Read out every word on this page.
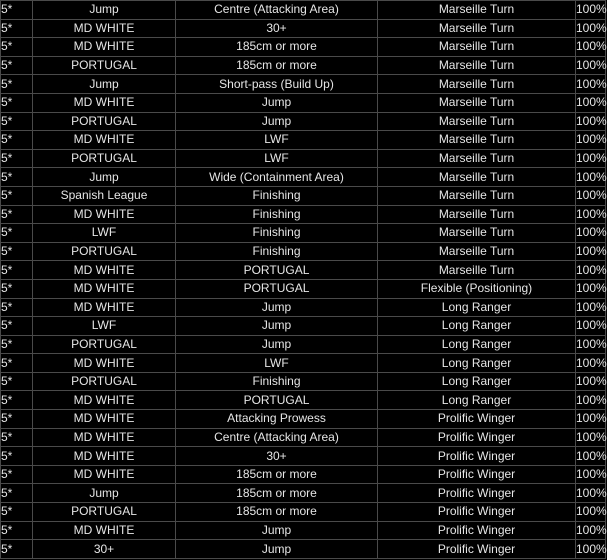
5*	Jump	Centre (Attacking Area)	Marseille Turn	100%
5*	MD WHITE	30+	Marseille Turn	100%
5*	MD WHITE	185cm or more	Marseille Turn	100%
5*	PORTUGAL	185cm or more	Marseille Turn	100%
5*	Jump	Short-pass (Build Up)	Marseille Turn	100%
5*	MD WHITE	Jump	Marseille Turn	100%
5*	PORTUGAL	Jump	Marseille Turn	100%
5*	MD WHITE	LWF	Marseille Turn	100%
5*	PORTUGAL	LWF	Marseille Turn	100%
5*	Jump	Wide (Containment Area)	Marseille Turn	100%
5*	Spanish League	Finishing	Marseille Turn	100%
5*	MD WHITE	Finishing	Marseille Turn	100%
5*	LWF	Finishing	Marseille Turn	100%
5*	PORTUGAL	Finishing	Marseille Turn	100%
5*	MD WHITE	PORTUGAL	Marseille Turn	100%
5*	MD WHITE	PORTUGAL	Flexible (Positioning)	100%
5*	MD WHITE	Jump	Long Ranger	100%
5*	LWF	Jump	Long Ranger	100%
5*	PORTUGAL	Jump	Long Ranger	100%
5*	MD WHITE	LWF	Long Ranger	100%
5*	PORTUGAL	Finishing	Long Ranger	100%
5*	MD WHITE	PORTUGAL	Long Ranger	100%
5*	MD WHITE	Attacking Prowess	Prolific Winger	100%
5*	MD WHITE	Centre (Attacking Area)	Prolific Winger	100%
5*	MD WHITE	30+	Prolific Winger	100%
5*	MD WHITE	185cm or more	Prolific Winger	100%
5*	Jump	185cm or more	Prolific Winger	100%
5*	PORTUGAL	185cm or more	Prolific Winger	100%
5*	MD WHITE	Jump	Prolific Winger	100%
5*	30+	Jump	Prolific Winger	100%
